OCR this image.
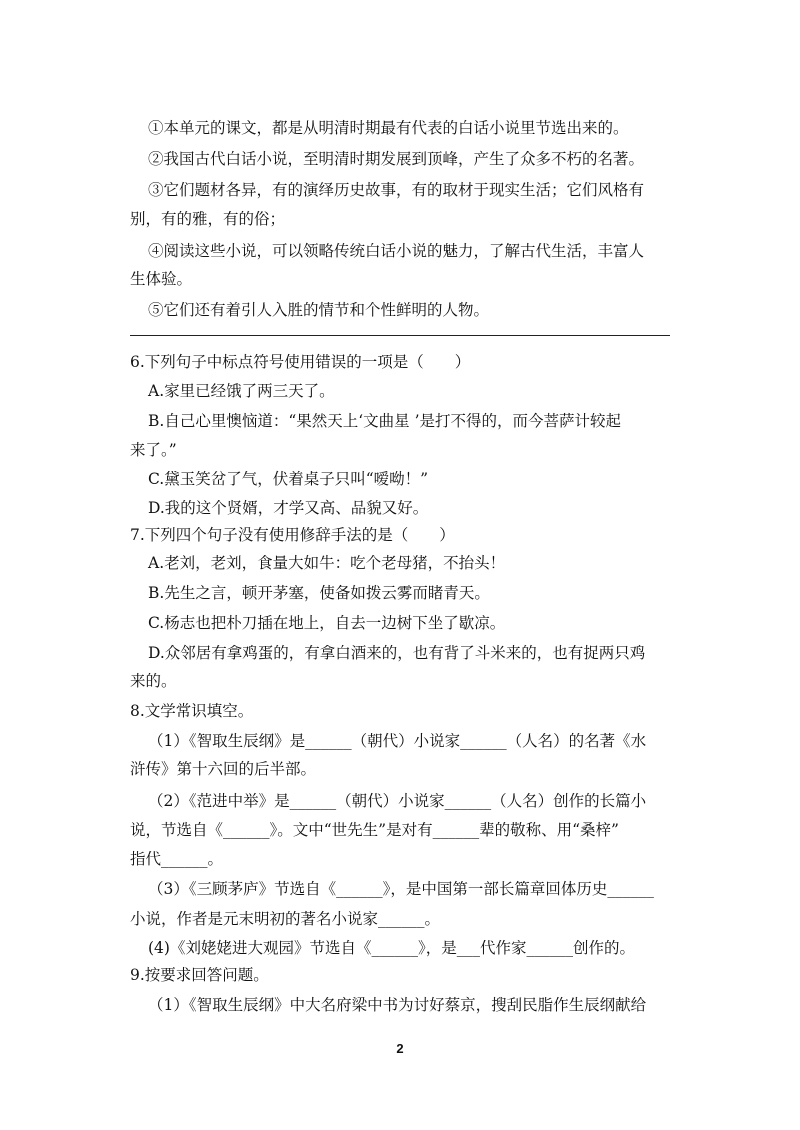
①本单元的课文，都是从明清时期最有代表的白话小说里节选出来的。
②我国古代白话小说，至明清时期发展到顶峰，产生了众多不朽的名著。
③它们题材各异，有的演绎历史故事，有的取材于现实生活；它们风格有
别，有的雅，有的俗；
④阅读这些小说，可以领略传统白话小说的魅力，了解古代生活，丰富人
生体验。
⑤它们还有着引人入胜的情节和个性鲜明的人物。
6.下列句子中标点符号使用错误的一项是（　　）
A.家里已经饿了两三天了。
B.自己心里懊恼道：“果然天上‘文曲星 ’是打不得的，而今菩萨计较起
来了。”
C.黛玉笑岔了气，伏着桌子只叫“嗳呦！”
D.我的这个贤婿，才学又高、品貌又好。
7.下列四个句子没有使用修辞手法的是（　　）
A.老刘，老刘，食量大如牛：吃个老母猪，不抬头！
B.先生之言，顿开茅塞，使备如拨云雾而睹青天。
C.杨志也把朴刀插在地上，自去一边树下坐了歇凉。
D.众邻居有拿鸡蛋的，有拿白酒来的，也有背了斗米来的，也有捉两只鸡
来的。
8.文学常识填空。
（1）《智取生辰纲》是______（朝代）小说家______（人名）的名著《水
浒传》第十六回的后半部。
（2）《范进中举》是______（朝代）小说家______（人名）创作的长篇小
说，节选自《______》。文中“世先生”是对有______辈的敬称、用“桑梓”
指代______。
（3）《三顾茅庐》节选自《______》，是中国第一部长篇章回体历史______
小说，作者是元末明初的著名小说家______。
(4)《刘姥姥进大观园》节选自《______》，是___代作家______创作的。
9.按要求回答问题。
（1）《智取生辰纲》中大名府梁中书为讨好蔡京，搜刮民脂作生辰纲献给
2
